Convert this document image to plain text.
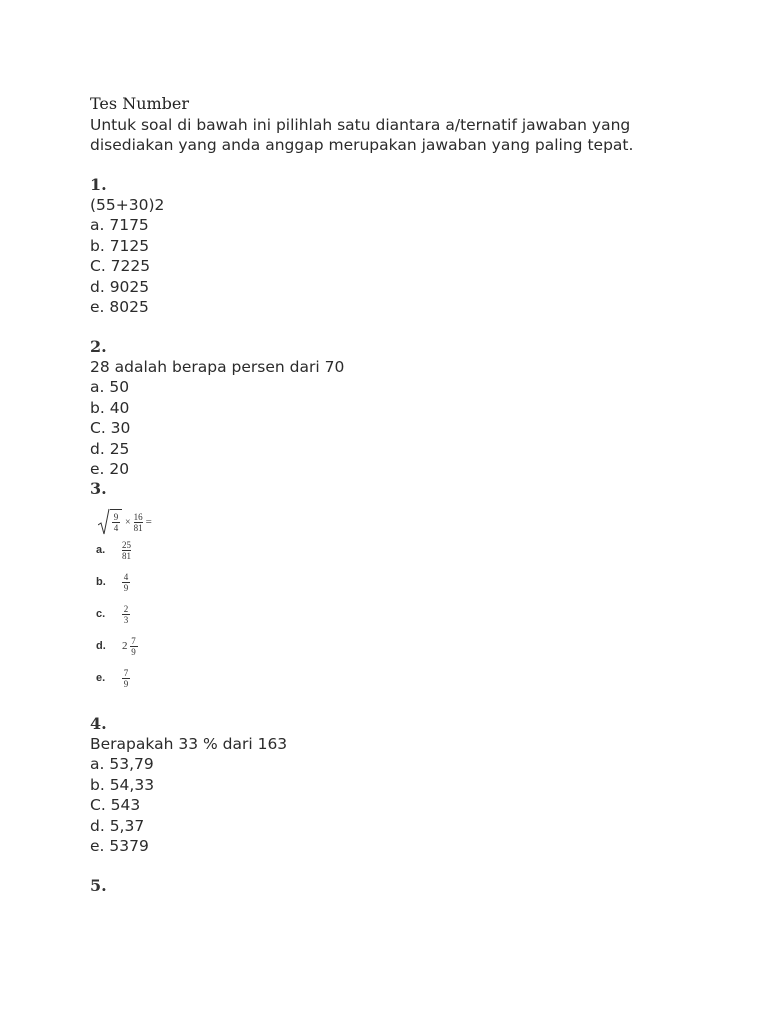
Tes Number
Untuk soal di bawah ini pilihlah satu diantara a/ternatif jawaban yang
disediakan yang anda anggap merupakan jawaban yang paling tepat.
1.
(55+30)2
a. 7175
b. 7125
C. 7225
d. 9025
e. 8025
2.
28 adalah berapa persen dari 70
a. 50
b. 40
C. 30
d. 25
e. 20
3.
$\frac{9}{4} \times \frac{16}{81}$ =
a.	$\frac{25}{81}$
b.	$\frac{4}{9}$
c.	$\frac{2}{3}$
d.	$2 \frac{7}{9}$
e.	$\frac{7}{9}$
4.
Berapakah 33 % dari 163
a. 53,79
b. 54,33
C. 543
d. 5,37
e. 5379
5.
